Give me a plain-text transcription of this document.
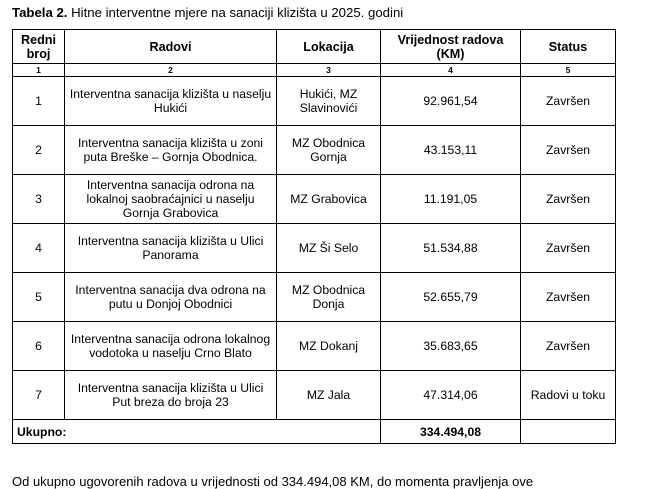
Tabela 2. Hitne interventne mjere na sanaciji klizišta u 2025. godini
Redni broj	Radovi	Lokacija	Vrijednost radova (KM)	Status
1	2	3	4	5
1	Interventna sanacija klizišta u naselju Hukići	Hukići, MZ Slavinovići	92.961,54	Završen
2	Interventna sanacija klizišta u zoni puta Breške – Gornja Obodnica.	MZ Obodnica Gornja	43.153,11	Završen
3	Interventna sanacija odrona na lokalnoj saobraćajnici u naselju Gornja Grabovica	MZ Grabovica	11.191,05	Završen
4	Interventna sanacija klizišta u Ulici Panorama	MZ Ši Selo	51.534,88	Završen
5	Interventna sanacija dva odrona na putu u Donjoj Obodnici	MZ Obodnica Donja	52.655,79	Završen
6	Interventna sanacija odrona lokalnog vodotoka u naselju Crno Blato	MZ Dokanj	35.683,65	Završen
7	Interventna sanacija klizišta u Ulici Put breza do broja 23	MZ Jala	47.314,06	Radovi u toku
Ukupno:			334.494,08	
Od ukupno ugovorenih radova u vrijednosti od 334.494,08 KM, do momenta pravljenja ove
